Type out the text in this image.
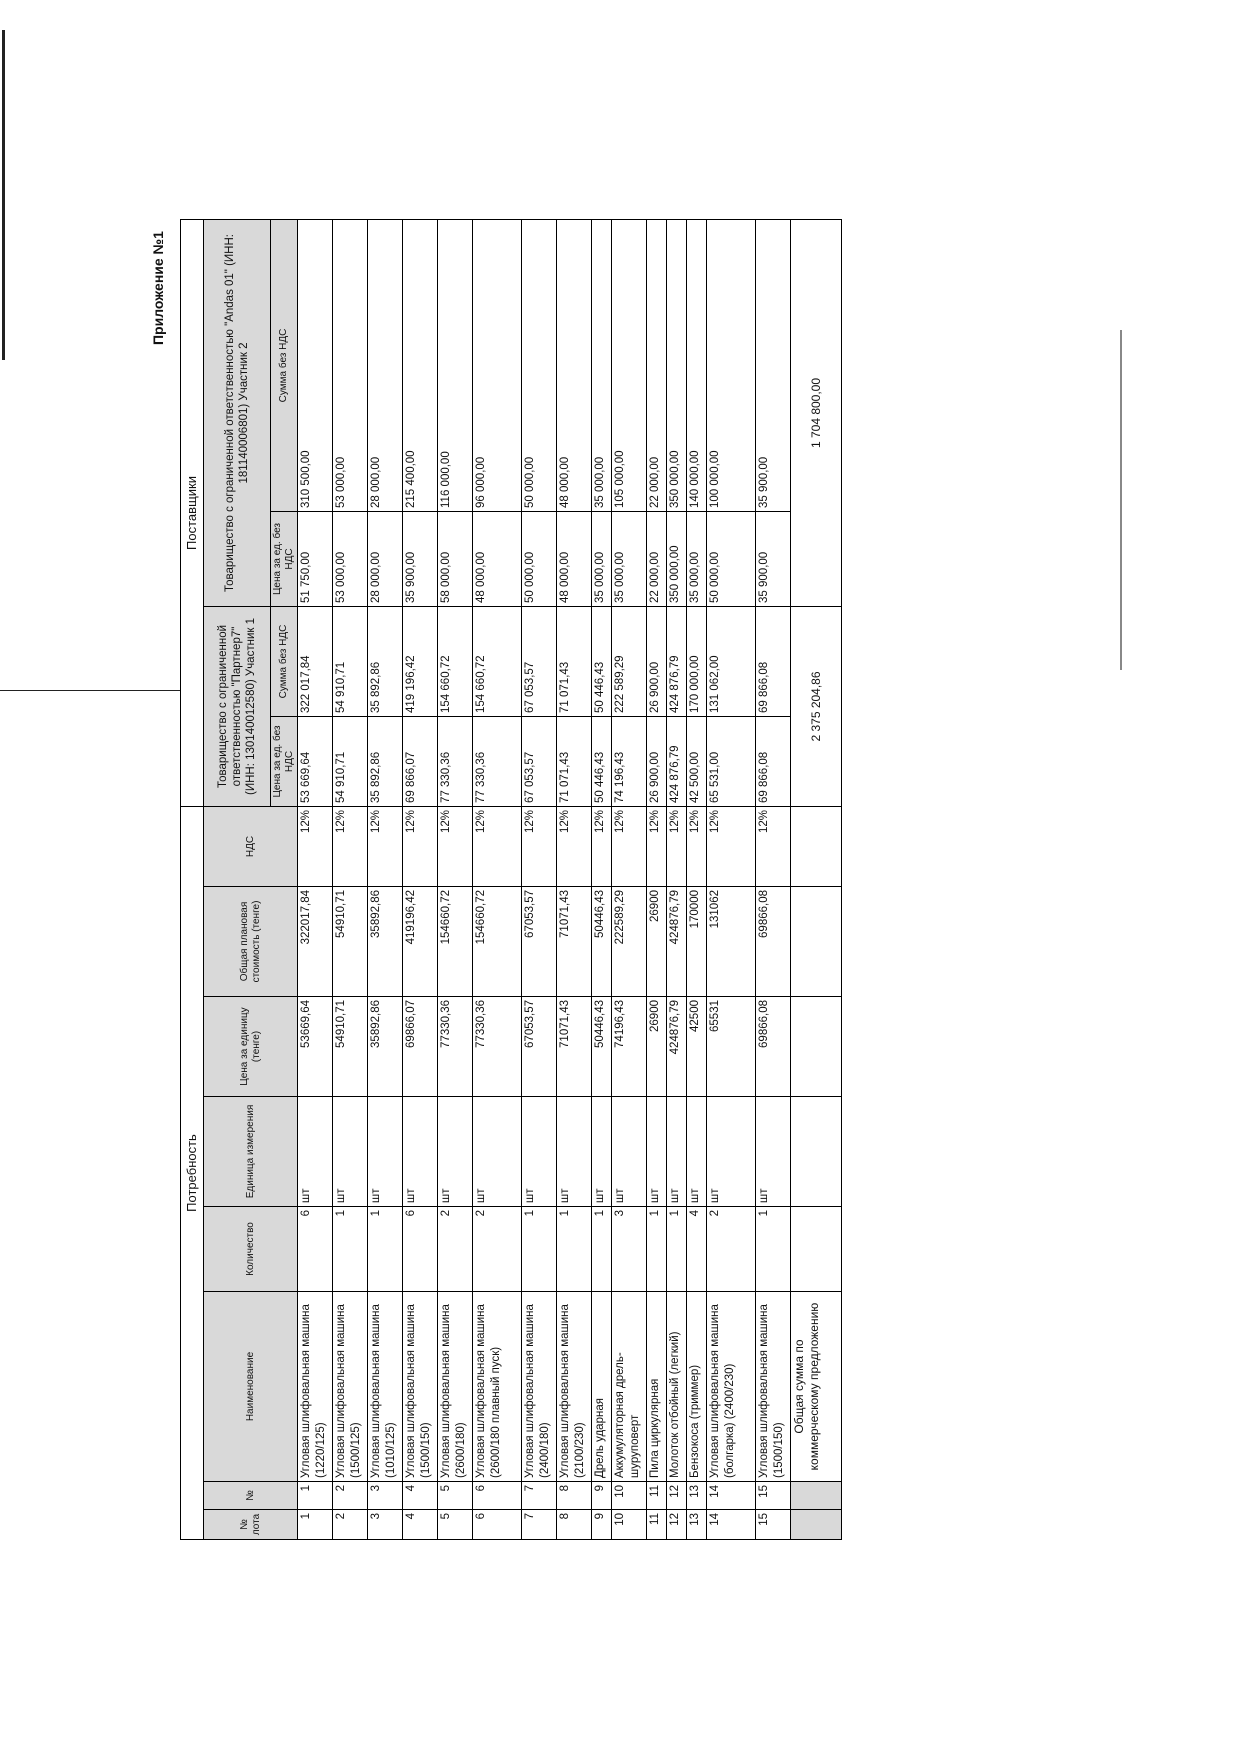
Приложение №1
Потребность								Поставщики			
№ лота	№	Наименование	Количество	Единица измерения	Цена за единицу (тенге)	Общая плановая стоимость (тенге)	НДС	Товарищество с ограниченной ответственностью "Партнер7" (ИНН: 130140012580) Участник 1		Товарищество с ограниченной ответственностью "Andas 01" (ИНН: 181140006801) Участник 2	
								Цена за ед. без НДС	Сумма без НДС	Цена за ед. без НДС	Сумма без НДС
1	1	Угловая шлифовальная машина (1220/125)	6	шт	53669,64	322017,84	12%	53 669,64	322 017,84	51 750,00	310 500,00
2	2	Угловая шлифовальная машина (1500/125)	1	шт	54910,71	54910,71	12%	54 910,71	54 910,71	53 000,00	53 000,00
3	3	Угловая шлифовальная машина (1010/125)	1	шт	35892,86	35892,86	12%	35 892,86	35 892,86	28 000,00	28 000,00
4	4	Угловая шлифовальная машина (1500/150)	6	шт	69866,07	419196,42	12%	69 866,07	419 196,42	35 900,00	215 400,00
5	5	Угловая шлифовальная машина (2600/180)	2	шт	77330,36	154660,72	12%	77 330,36	154 660,72	58 000,00	116 000,00
6	6	Угловая шлифовальная машина (2600/180 плавный пуск)	2	шт	77330,36	154660,72	12%	77 330,36	154 660,72	48 000,00	96 000,00
7	7	Угловая шлифовальная машина (2400/180)	1	шт	67053,57	67053,57	12%	67 053,57	67 053,57	50 000,00	50 000,00
8	8	Угловая шлифовальная машина (2100/230)	1	шт	71071,43	71071,43	12%	71 071,43	71 071,43	48 000,00	48 000,00
9	9	Дрель ударная	1	шт	50446,43	50446,43	12%	50 446,43	50 446,43	35 000,00	35 000,00
10	10	Аккумуляторная дрель-шуруповерт	3	шт	74196,43	222589,29	12%	74 196,43	222 589,29	35 000,00	105 000,00
11	11	Пила циркулярная	1	шт	26900	26900	12%	26 900,00	26 900,00	22 000,00	22 000,00
12	12	Молоток отбойный (легкий)	1	шт	424876,79	424876,79	12%	424 876,79	424 876,79	350 000,00	350 000,00
13	13	Бензокоса (триммер)	4	шт	42500	170000	12%	42 500,00	170 000,00	35 000,00	140 000,00
14	14	Угловая шлифовальная машина (болгарка) (2400/230)	2	шт	65531	131062	12%	65 531,00	131 062,00	50 000,00	100 000,00
15	15	Угловая шлифовальная машина (1500/150)	1	шт	69866,08	69866,08	12%	69 866,08	69 866,08	35 900,00	35 900,00
		Общая сумма по коммерческому предложению						2 375 204,86		1 704 800,00	
